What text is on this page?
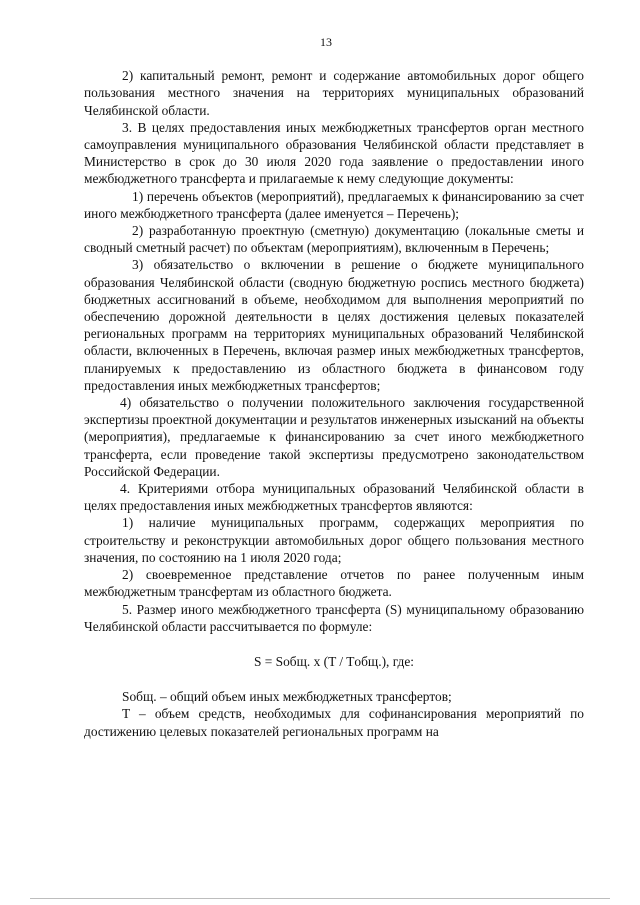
13

2) капитальный ремонт, ремонт и содержание автомобильных дорог общего пользования местного значения на территориях муниципальных образований Челябинской области.

3. В целях предоставления иных межбюджетных трансфертов орган местного самоуправления муниципального образования Челябинской области представляет в Министерство в срок до 30 июля 2020 года заявление о предоставлении иного межбюджетного трансферта и прилагаемые к нему следующие документы:

1) перечень объектов (мероприятий), предлагаемых к финансированию за счет иного межбюджетного трансферта (далее именуется – Перечень);

2) разработанную проектную (сметную) документацию (локальные сметы и сводный сметный расчет) по объектам (мероприятиям), включенным в Перечень;

3) обязательство о включении в решение о бюджете муниципального образования Челябинской области (сводную бюджетную роспись местного бюджета) бюджетных ассигнований в объеме, необходимом для выполнения мероприятий по обеспечению дорожной деятельности в целях достижения целевых показателей региональных программ на территориях муниципальных образований Челябинской области, включенных в Перечень, включая размер иных межбюджетных трансфертов, планируемых к предоставлению из областного бюджета в финансовом году предоставления иных межбюджетных трансфертов;

4) обязательство о получении положительного заключения государственной экспертизы проектной документации и результатов инженерных изысканий на объекты (мероприятия), предлагаемые к финансированию за счет иного межбюджетного трансферта, если проведение такой экспертизы предусмотрено законодательством Российской Федерации.

4. Критериями отбора муниципальных образований Челябинской области в целях предоставления иных межбюджетных трансфертов являются:

1) наличие муниципальных программ, содержащих мероприятия по строительству и реконструкции автомобильных дорог общего пользования местного значения, по состоянию на 1 июля 2020 года;

2) своевременное представление отчетов по ранее полученным иным межбюджетным трансфертам из областного бюджета.

5. Размер иного межбюджетного трансферта (S) муниципальному образованию Челябинской области рассчитывается по формуле:

S = Sобщ. x (T / Tобщ.), где:

Sобщ. – общий объем иных межбюджетных трансфертов;

T – объем средств, необходимых для софинансирования мероприятий по достижению целевых показателей региональных программ на
